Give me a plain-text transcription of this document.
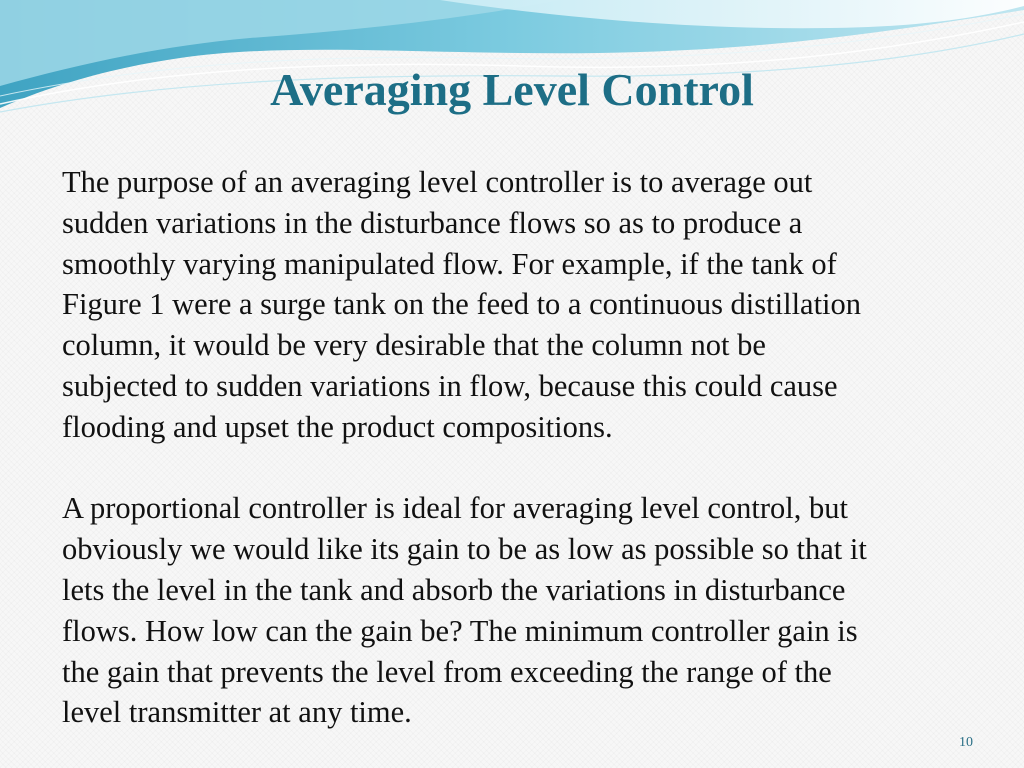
Averaging Level Control

The purpose of an averaging level controller is to average out
sudden variations in the disturbance flows so as to produce a
smoothly varying manipulated flow. For example, if the tank of
Figure 1 were a surge tank on the feed to a continuous distillation
column, it would be very desirable that the column not be
subjected to sudden variations in flow, because this could cause
flooding and upset the product compositions.

A proportional controller is ideal for averaging level control, but
obviously we would like its gain to be as low as possible so that it
lets the level in the tank and absorb the variations in disturbance
flows. How low can the gain be? The minimum controller gain is
the gain that prevents the level from exceeding the range of the
level transmitter at any time.

10
